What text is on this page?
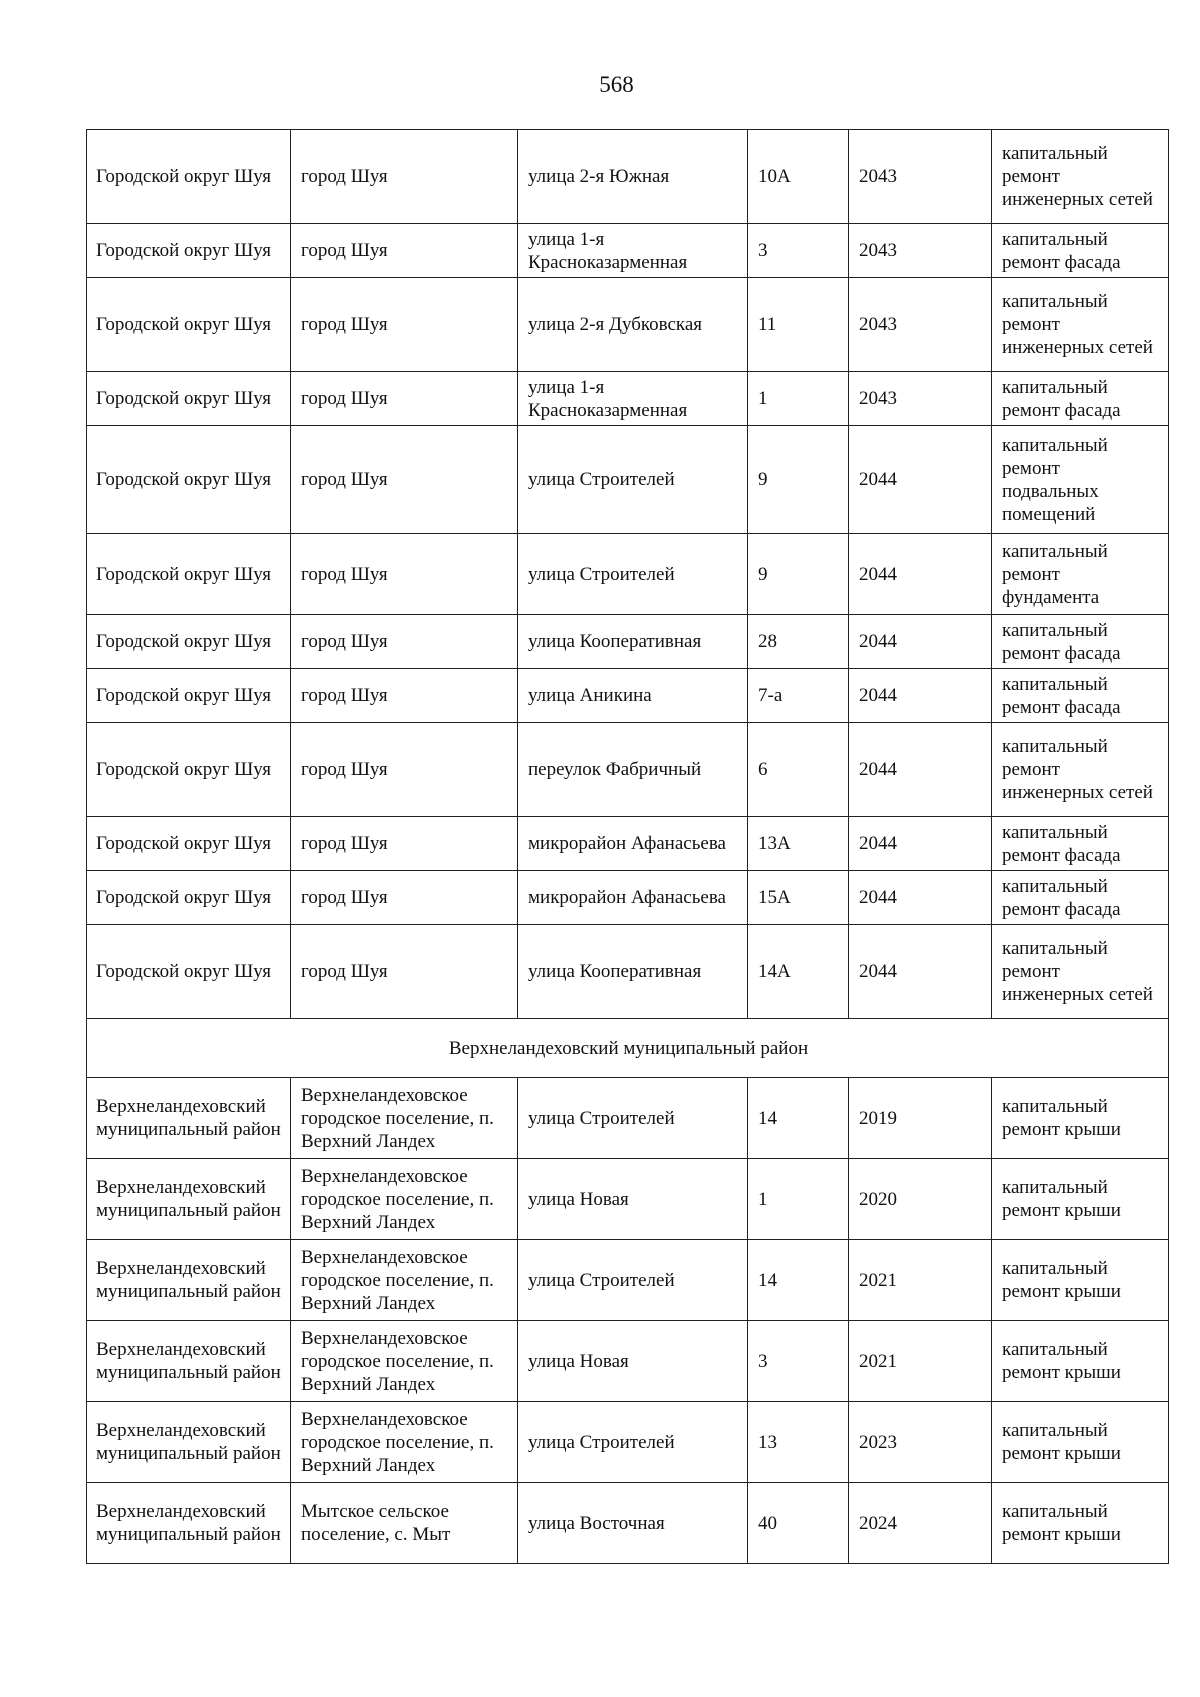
568
Городской округ Шуя	город Шуя	улица 2-я Южная	10А	2043	капитальный ремонт инженерных сетей
Городской округ Шуя	город Шуя	улица 1-я Красноказарменная	3	2043	капитальный ремонт фасада
Городской округ Шуя	город Шуя	улица 2-я Дубковская	11	2043	капитальный ремонт инженерных сетей
Городской округ Шуя	город Шуя	улица 1-я Красноказарменная	1	2043	капитальный ремонт фасада
Городской округ Шуя	город Шуя	улица Строителей	9	2044	капитальный ремонт подвальных помещений
Городской округ Шуя	город Шуя	улица Строителей	9	2044	капитальный ремонт фундамента
Городской округ Шуя	город Шуя	улица Кооперативная	28	2044	капитальный ремонт фасада
Городской округ Шуя	город Шуя	улица Аникина	7-а	2044	капитальный ремонт фасада
Городской округ Шуя	город Шуя	переулок Фабричный	6	2044	капитальный ремонт инженерных сетей
Городской округ Шуя	город Шуя	микрорайон Афанасьева	13А	2044	капитальный ремонт фасада
Городской округ Шуя	город Шуя	микрорайон Афанасьева	15А	2044	капитальный ремонт фасада
Городской округ Шуя	город Шуя	улица Кооперативная	14А	2044	капитальный ремонт инженерных сетей
Верхнеландеховский муниципальный район					
Верхнеландеховский муниципальный район	Верхнеландеховское городское поселение, п. Верхний Ландех	улица Строителей	14	2019	капитальный ремонт крыши
Верхнеландеховский муниципальный район	Верхнеландеховское городское поселение, п. Верхний Ландех	улица Новая	1	2020	капитальный ремонт крыши
Верхнеландеховский муниципальный район	Верхнеландеховское городское поселение, п. Верхний Ландех	улица Строителей	14	2021	капитальный ремонт крыши
Верхнеландеховский муниципальный район	Верхнеландеховское городское поселение, п. Верхний Ландех	улица Новая	3	2021	капитальный ремонт крыши
Верхнеландеховский муниципальный район	Верхнеландеховское городское поселение, п. Верхний Ландех	улица Строителей	13	2023	капитальный ремонт крыши
Верхнеландеховский муниципальный район	Мытское сельское поселение, с. Мыт	улица Восточная	40	2024	капитальный ремонт крыши
